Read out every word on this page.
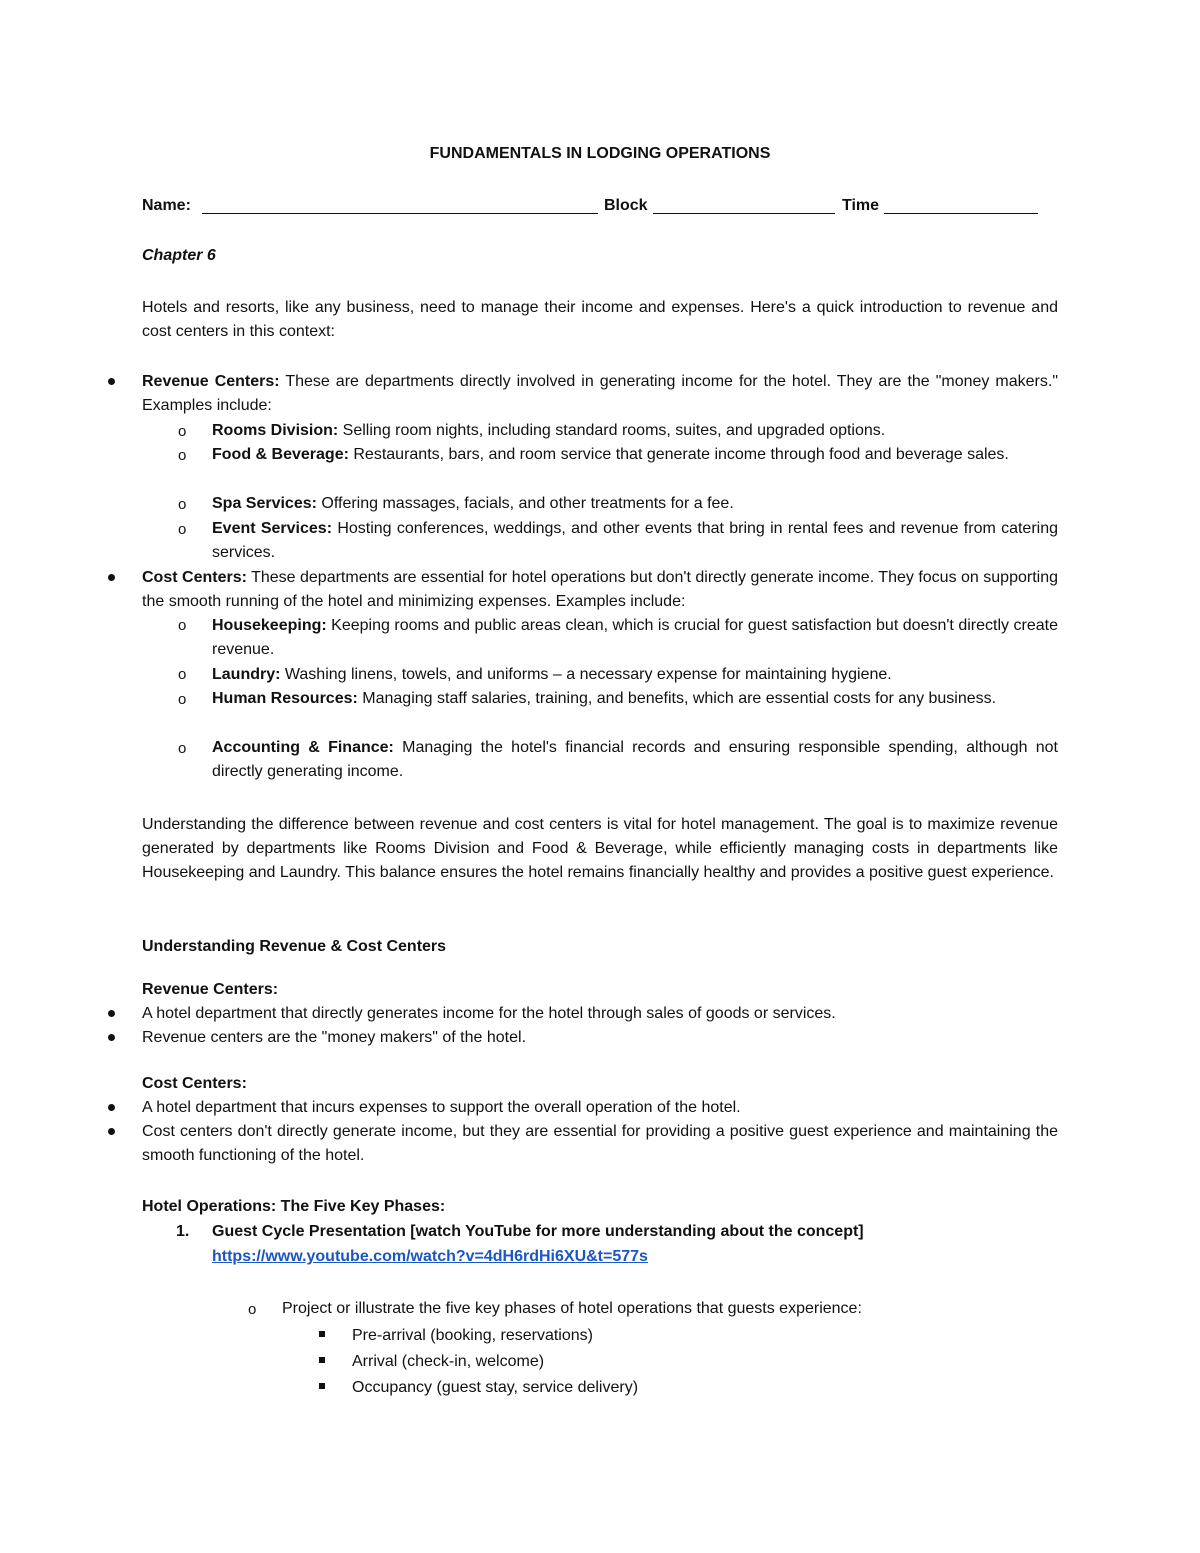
FUNDAMENTALS IN LODGING OPERATIONS
Name:	Block	Time
Chapter 6
Hotels and resorts, like any business, need to manage their income and expenses. Here's a quick introduction to revenue and cost centers in this context:
Revenue Centers: These are departments directly involved in generating income for the hotel. They are the "money makers." Examples include:
o Rooms Division: Selling room nights, including standard rooms, suites, and upgraded options.
o Food & Beverage: Restaurants, bars, and room service that generate income through food and beverage sales.
o Spa Services: Offering massages, facials, and other treatments for a fee.
o Event Services: Hosting conferences, weddings, and other events that bring in rental fees and revenue from catering services.
Cost Centers: These departments are essential for hotel operations but don't directly generate income. They focus on supporting the smooth running of the hotel and minimizing expenses. Examples include:
o Housekeeping: Keeping rooms and public areas clean, which is crucial for guest satisfaction but doesn't directly create revenue.
o Laundry: Washing linens, towels, and uniforms – a necessary expense for maintaining hygiene.
o Human Resources: Managing staff salaries, training, and benefits, which are essential costs for any business.
o Accounting & Finance: Managing the hotel's financial records and ensuring responsible spending, although not directly generating income.
Understanding the difference between revenue and cost centers is vital for hotel management. The goal is to maximize revenue generated by departments like Rooms Division and Food & Beverage, while efficiently managing costs in departments like Housekeeping and Laundry. This balance ensures the hotel remains financially healthy and provides a positive guest experience.
Understanding Revenue & Cost Centers
Revenue Centers:
A hotel department that directly generates income for the hotel through sales of goods or services.
Revenue centers are the "money makers" of the hotel.
Cost Centers:
A hotel department that incurs expenses to support the overall operation of the hotel.
Cost centers don't directly generate income, but they are essential for providing a positive guest experience and maintaining the smooth functioning of the hotel.
Hotel Operations: The Five Key Phases:
1. Guest Cycle Presentation [watch YouTube for more understanding about the concept]
https://www.youtube.com/watch?v=4dH6rdHi6XU&t=577s
o Project or illustrate the five key phases of hotel operations that guests experience:
Pre-arrival (booking, reservations)
Arrival (check-in, welcome)
Occupancy (guest stay, service delivery)
